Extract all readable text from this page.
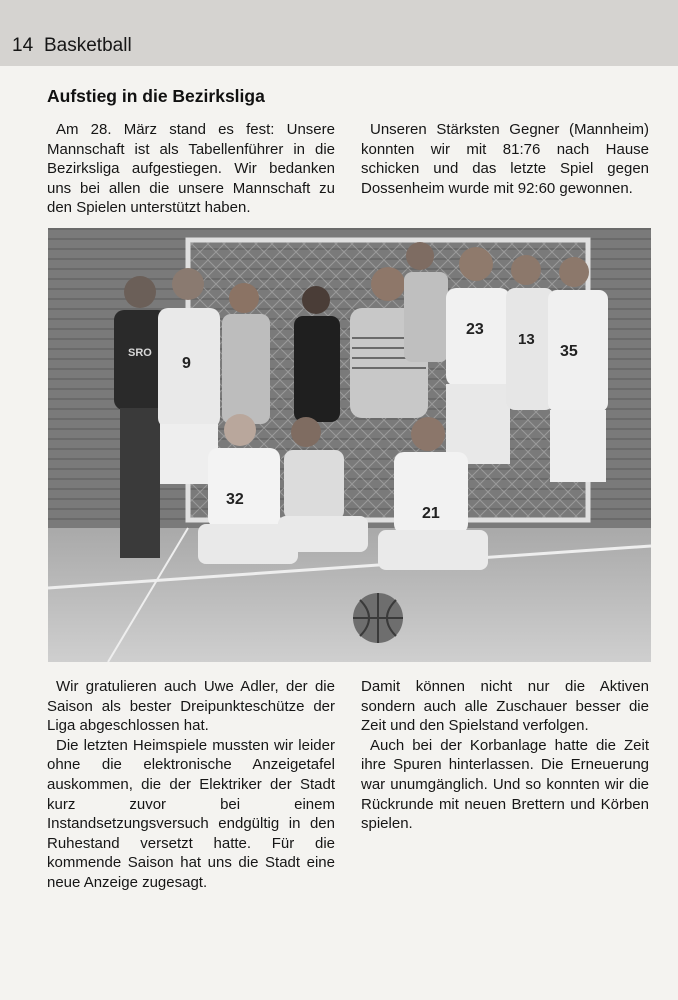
14 Basketball
Aufstieg in die Bezirksliga

Am 28. März stand es fest: Unsere Mannschaft ist als Tabellenführer in die Bezirksliga aufgestiegen. Wir bedanken uns bei allen die unsere Mannschaft zu den Spielen unterstützt haben.

Unseren Stärksten Gegner (Mannheim) konnten wir mit 81:76 nach Hause schicken und das letzte Spiel gegen Dossenheim wurde mit 92:60 gewonnen.

SRO
9
23
13
35
32
21

Wir gratulieren auch Uwe Adler, der die Saison als bester Dreipunkteschütze der Liga abgeschlossen hat.

Die letzten Heimspiele mussten wir leider ohne die elektronische Anzeigetafel auskommen, die der Elektriker der Stadt kurz zuvor bei einem Instandsetzungsversuch endgültig in den Ruhestand versetzt hatte. Für die kommende Saison hat uns die Stadt eine neue Anzeige zugesagt.

Damit können nicht nur die Aktiven sondern auch alle Zuschauer besser die Zeit und den Spielstand verfolgen.

Auch bei der Korbanlage hatte die Zeit ihre Spuren hinterlassen. Die Erneuerung war unumgänglich. Und so konnten wir die Rückrunde mit neuen Brettern und Körben spielen.
